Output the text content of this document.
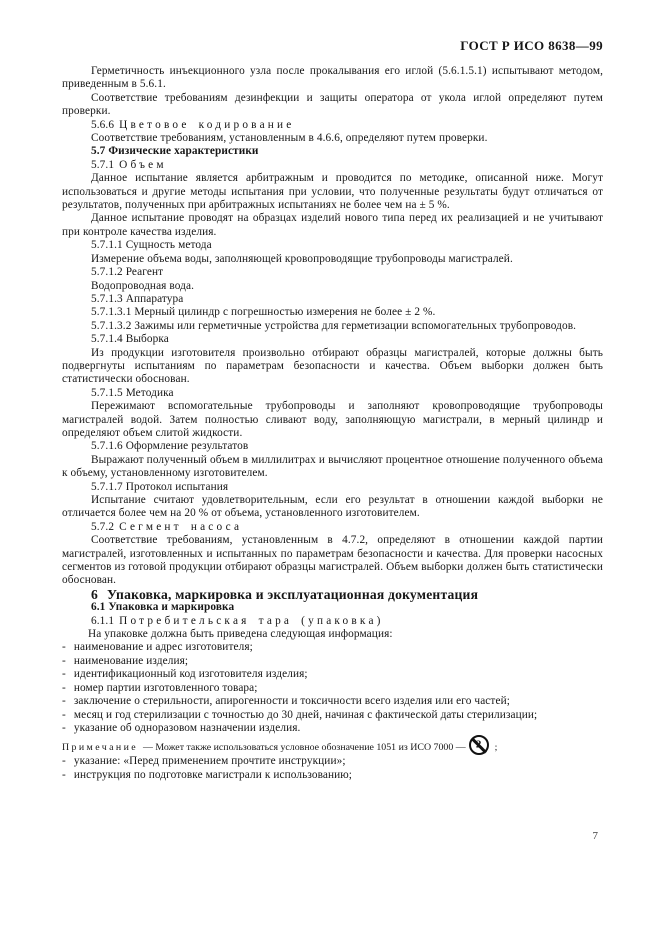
ГОСТ Р ИСО 8638—99

Герметичность инъекционного узла после прокалывания его иглой (5.6.1.5.1) испытывают методом, приведенным в 5.6.1.

Соответствие требованиям дезинфекции и защиты оператора от укола иглой определяют путем проверки.

5.6.6 Цветовое кодирование

Соответствие требованиям, установленным в 4.6.6, определяют путем проверки.

5.7 Физические характеристики

5.7.1 Объем

Данное испытание является арбитражным и проводится по методике, описанной ниже. Могут использоваться и другие методы испытания при условии, что полученные результаты будут отличаться от результатов, полученных при арбитражных испытаниях не более чем на ± 5 %.

Данное испытание проводят на образцах изделий нового типа перед их реализацией и не учитывают при контроле качества изделия.

5.7.1.1 Сущность метода

Измерение объема воды, заполняющей кровопроводящие трубопроводы магистралей.

5.7.1.2 Реагент

Водопроводная вода.

5.7.1.3 Аппаратура

5.7.1.3.1 Мерный цилиндр с погрешностью измерения не более ± 2 %.

5.7.1.3.2 Зажимы или герметичные устройства для герметизации вспомогательных трубопроводов.

5.7.1.4 Выборка

Из продукции изготовителя произвольно отбирают образцы магистралей, которые должны быть подвергнуты испытаниям по параметрам безопасности и качества. Объем выборки должен быть статистически обоснован.

5.7.1.5 Методика

Пережимают вспомогательные трубопроводы и заполняют кровопроводящие трубопроводы магистралей водой. Затем полностью сливают воду, заполняющую магистрали, в мерный цилиндр и определяют объем слитой жидкости.

5.7.1.6 Оформление результатов

Выражают полученный объем в миллилитрах и вычисляют процентное отношение полученного объема к объему, установленному изготовителем.

5.7.1.7 Протокол испытания

Испытание считают удовлетворительным, если его результат в отношении каждой выборки не отличается более чем на 20 % от объема, установленного изготовителем.

5.7.2 Сегмент насоса

Соответствие требованиям, установленным в 4.7.2, определяют в отношении каждой партии магистралей, изготовленных и испытанных по параметрам безопасности и качества. Для проверки насосных сегментов из готовой продукции отбирают образцы магистралей. Объем выборки должен быть статистически обоснован.

6 Упаковка, маркировка и эксплуатационная документация

6.1 Упаковка и маркировка

6.1.1 Потребительская тара (упаковка)

На упаковке должна быть приведена следующая информация:

- наименование и адрес изготовителя;

- наименование изделия;

- идентификационный код изготовителя изделия;

- номер партии изготовленного товара;

- заключение о стерильности, апирогенности и токсичности всего изделия или его частей;

- месяц и год стерилизации с точностью до 30 дней, начиная с фактической даты стерилизации;

- указание об одноразовом назначении изделия.

Примечание — Может также использоваться условное обозначение 1051 из ИСО 7000 —	;

- указание: «Перед применением прочтите инструкции»;

- инструкция по подготовке магистрали к использованию;

7
